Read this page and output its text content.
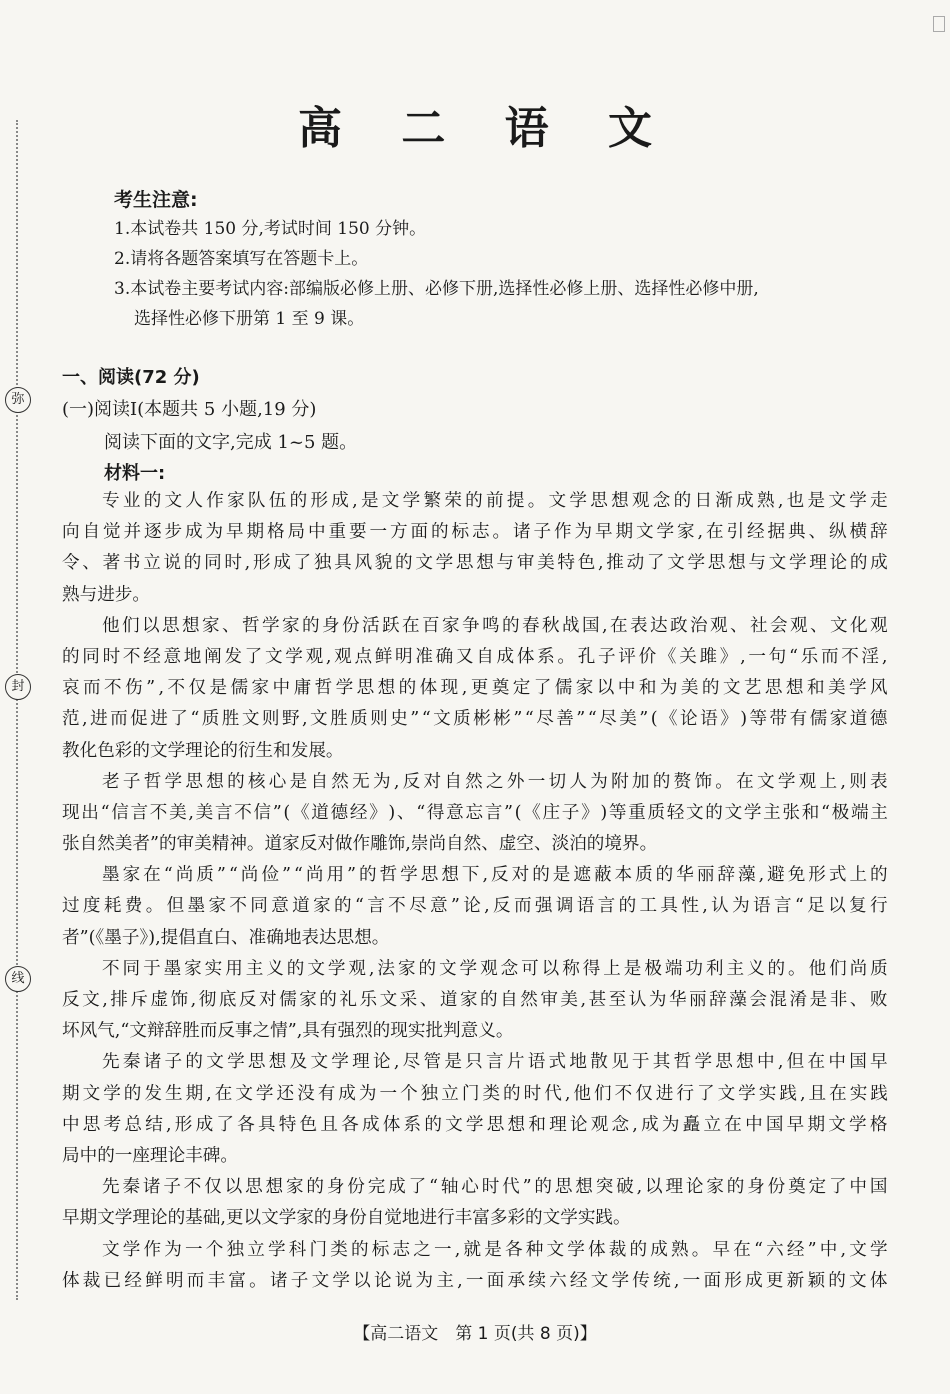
高 二 语 文
考生注意:
1.本试卷共 150 分,考试时间 150 分钟。
2.请将各题答案填写在答题卡上。
3.本试卷主要考试内容:部编版必修上册、必修下册,选择性必修上册、选择性必修中册,
选择性必修下册第 1 至 9 课。
一、阅读(72 分)
(一)阅读Ⅰ(本题共 5 小题,19 分)
阅读下面的文字,完成 1~5 题。
材料一:
专 业 的 文 人 作 家 队 伍 的 形 成 , 是 文 学 繁 荣 的 前 提 。 文 学 思 想 观 念 的 日 渐 成 熟 , 也 是 文 学 走
向 自 觉 并 逐 步 成 为 早 期 格 局 中 重 要 一 方 面 的 标 志 。 诸 子 作 为 早 期 文 学 家 , 在 引 经 据 典 、 纵 横 辞
令 、 著 书 立 说 的 同 时 , 形 成 了 独 具 风 貌 的 文 学 思 想 与 审 美 特 色 , 推 动 了 文 学 思 想 与 文 学 理 论 的 成
熟与进步。
他 们 以 思 想 家 、 哲 学 家 的 身 份 活 跃 在 百 家 争 鸣 的 春 秋 战 国 , 在 表 达 政 治 观 、 社 会 观 、 文 化 观
的 同 时 不 经 意 地 阐 发 了 文 学 观 , 观 点 鲜 明 准 确 又 自 成 体 系 。 孔 子 评 价 《 关 雎 》 , 一 句 “ 乐 而 不 淫 ,
哀 而 不 伤 ” , 不 仅 是 儒 家 中 庸 哲 学 思 想 的 体 现 , 更 奠 定 了 儒 家 以 中 和 为 美 的 文 艺 思 想 和 美 学 风
范 , 进 而 促 进 了 “ 质 胜 文 则 野 , 文 胜 质 则 史 ” “ 文 质 彬 彬 ” “ 尽 善 ” “ 尽 美 ” ( 《 论 语 》 ) 等 带 有 儒 家 道 德
教化色彩的文学理论的衍生和发展。
老 子 哲 学 思 想 的 核 心 是 自 然 无 为 , 反 对 自 然 之 外 一 切 人 为 附 加 的 赘 饰 。 在 文 学 观 上 , 则 表
现 出 “ 信 言 不 美 , 美 言 不 信 ” ( 《 道 德 经 》 ) 、 “ 得 意 忘 言 ” ( 《 庄 子 》 ) 等 重 质 轻 文 的 文 学 主 张 和 “ 极 端 主
张自然美者”的审美精神。道家反对做作雕饰,崇尚自然、虚空、淡泊的境界。
墨 家 在 “ 尚 质 ” “ 尚 俭 ” “ 尚 用 ” 的 哲 学 思 想 下 , 反 对 的 是 遮 蔽 本 质 的 华 丽 辞 藻 , 避 免 形 式 上 的
过 度 耗 费 。 但 墨 家 不 同 意 道 家 的 “ 言 不 尽 意 ” 论 , 反 而 强 调 语 言 的 工 具 性 , 认 为 语 言 “ 足 以 复 行
者”(《墨子》),提倡直白、准确地表达思想。
不 同 于 墨 家 实 用 主 义 的 文 学 观 , 法 家 的 文 学 观 念 可 以 称 得 上 是 极 端 功 利 主 义 的 。 他 们 尚 质
反 文 , 排 斥 虚 饰 , 彻 底 反 对 儒 家 的 礼 乐 文 采 、 道 家 的 自 然 审 美 , 甚 至 认 为 华 丽 辞 藻 会 混 淆 是 非 、 败
坏风气,“文辩辞胜而反事之情”,具有强烈的现实批判意义。
先 秦 诸 子 的 文 学 思 想 及 文 学 理 论 , 尽 管 是 只 言 片 语 式 地 散 见 于 其 哲 学 思 想 中 , 但 在 中 国 早
期 文 学 的 发 生 期 , 在 文 学 还 没 有 成 为 一 个 独 立 门 类 的 时 代 , 他 们 不 仅 进 行 了 文 学 实 践 , 且 在 实 践
中 思 考 总 结 , 形 成 了 各 具 特 色 且 各 成 体 系 的 文 学 思 想 和 理 论 观 念 , 成 为 矗 立 在 中 国 早 期 文 学 格
局中的一座理论丰碑。
先 秦 诸 子 不 仅 以 思 想 家 的 身 份 完 成 了 “ 轴 心 时 代 ” 的 思 想 突 破 , 以 理 论 家 的 身 份 奠 定 了 中 国
早期文学理论的基础,更以文学家的身份自觉地进行丰富多彩的文学实践。
文 学 作 为 一 个 独 立 学 科 门 类 的 标 志 之 一 , 就 是 各 种 文 学 体 裁 的 成 熟 。 早 在 “ 六 经 ” 中 , 文 学
体 裁 已 经 鲜 明 而 丰 富 。 诸 子 文 学 以 论 说 为 主 , 一 面 承 续 六 经 文 学 传 统 , 一 面 形 成 更 新 颖 的 文 体
弥
封
线
【高二语文　第 1 页(共 8 页)】
